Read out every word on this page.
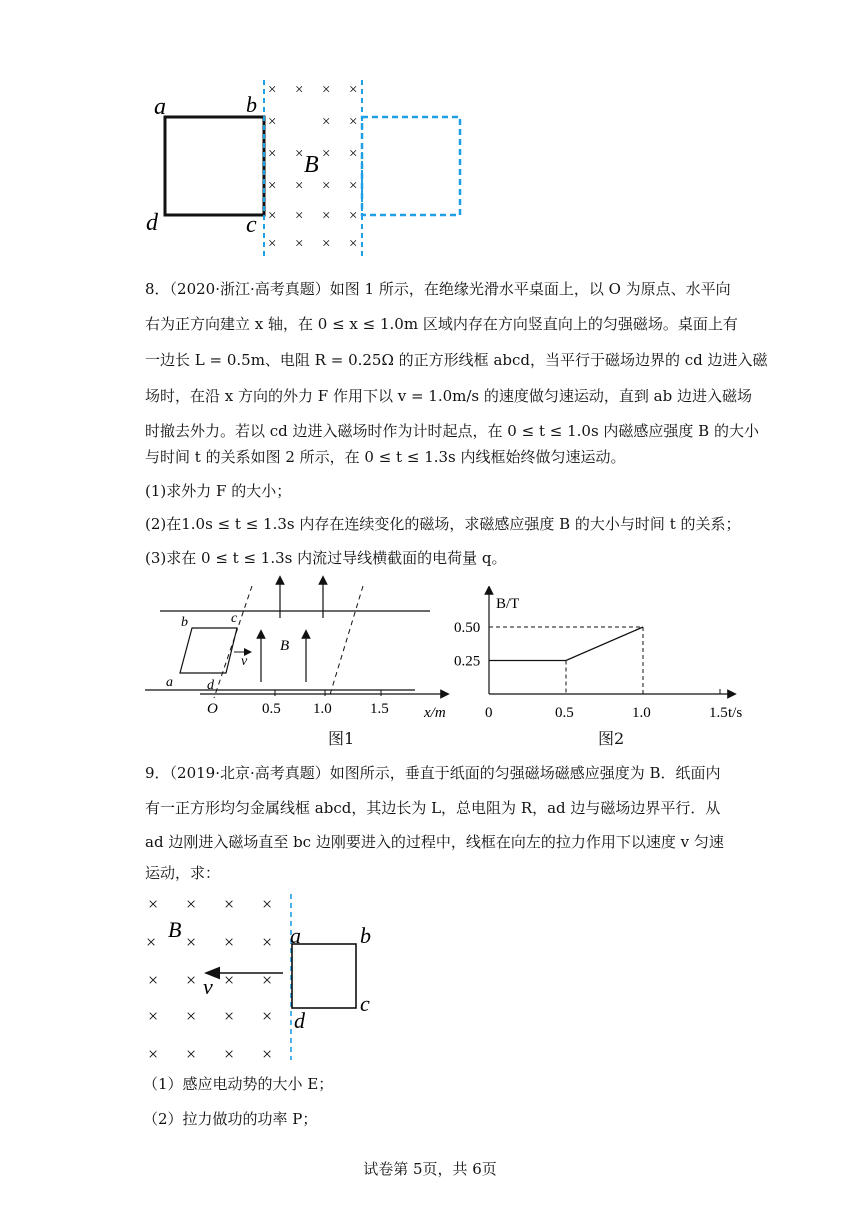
× × × ×
×	× ×
× × × ×
× × × ×
× × × ×
× × × ×
a	b
c
d
B
8．（2020·浙江·高考真题）如图 1 所示，在绝缘光滑水平桌面上，以 O 为原点、水平向
右为正方向建立 x 轴，在 0 ≤ x ≤ 1.0m 区域内存在方向竖直向上的匀强磁场。桌面上有
一边长 L = 0.5m、电阻 R = 0.25Ω 的正方形线框 abcd，当平行于磁场边界的 cd 边进入磁
场时，在沿 x 方向的外力 F 作用下以 v = 1.0m/s 的速度做匀速运动，直到 ab 边进入磁场
时撤去外力。若以 cd 边进入磁场时作为计时起点，在 0 ≤ t ≤ 1.0s 内磁感应强度 B 的大小
与时间 t 的关系如图 2 所示，在 0 ≤ t ≤ 1.3s 内线框始终做匀速运动。
(1)求外力 F 的大小；
(2)在1.0s ≤ t ≤ 1.3s 内存在连续变化的磁场，求磁感应强度 B 的大小与时间 t 的关系；
(3)求在 0 ≤ t ≤ 1.3s 内流过导线横截面的电荷量 q。
b	c
a d
v
B
O	0.5 1.0	1.5 x/m
图1
0.50
0.25
0	0.5	1.0	1.5
B/T
t/s
图2
9．（2019·北京·高考真题）如图所示，垂直于纸面的匀强磁场磁感应强度为 B．纸面内
有一正方形均匀金属线框 abcd，其边长为 L，总电阻为 R，ad 边与磁场边界平行．从
ad 边刚进入磁场直至 bc 边刚要进入的过程中，线框在向左的拉力作用下以速度 v 匀速
运动，求：
× × × ×
× × × ×
× × × ×
× × × ×
× × × ×
B
v
a	b
c
d
（1）感应电动势的大小 E；
（2）拉力做功的功率 P；
试卷第 5页，共 6页
